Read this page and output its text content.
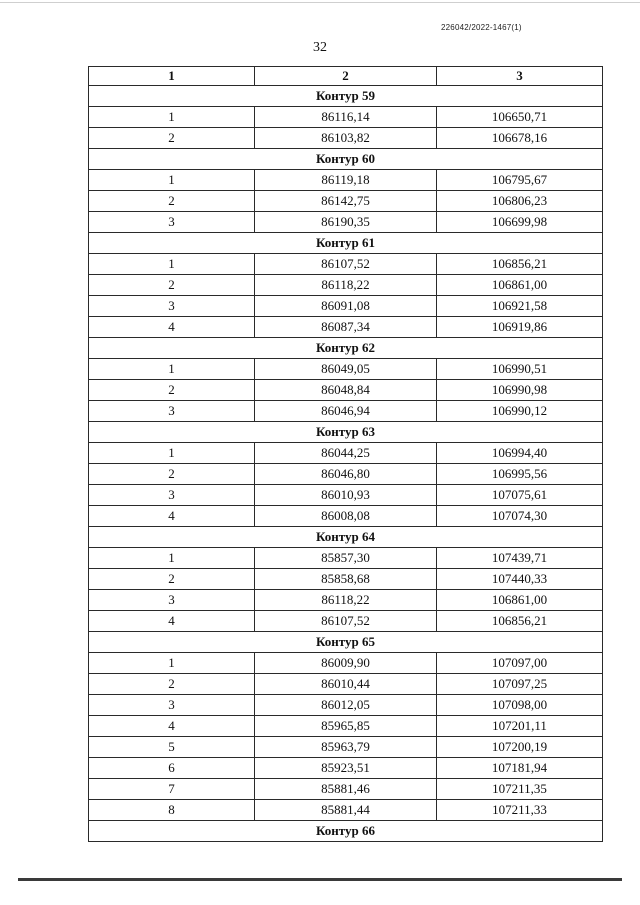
226042/2022-1467(1)
32
1	2	3
Контур 59		
1	86116,14	106650,71
2	86103,82	106678,16
Контур 60		
1	86119,18	106795,67
2	86142,75	106806,23
3	86190,35	106699,98
Контур 61		
1	86107,52	106856,21
2	86118,22	106861,00
3	86091,08	106921,58
4	86087,34	106919,86
Контур 62		
1	86049,05	106990,51
2	86048,84	106990,98
3	86046,94	106990,12
Контур 63		
1	86044,25	106994,40
2	86046,80	106995,56
3	86010,93	107075,61
4	86008,08	107074,30
Контур 64		
1	85857,30	107439,71
2	85858,68	107440,33
3	86118,22	106861,00
4	86107,52	106856,21
Контур 65		
1	86009,90	107097,00
2	86010,44	107097,25
3	86012,05	107098,00
4	85965,85	107201,11
5	85963,79	107200,19
6	85923,51	107181,94
7	85881,46	107211,35
8	85881,44	107211,33
Контур 66		
